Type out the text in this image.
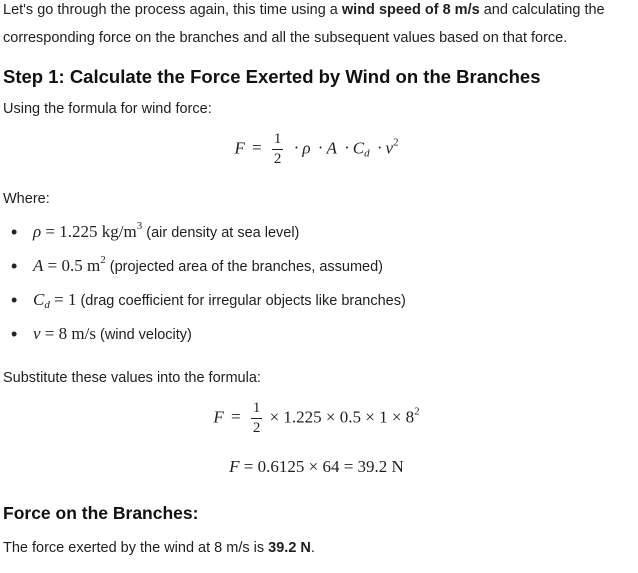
Let's go through the process again, this time using a wind speed of 8 m/s and calculating the corresponding force on the branches and all the subsequent values based on that force.

Step 1: Calculate the Force Exerted by Wind on the Branches

Using the formula for wind force:

$F = \frac{1}{2} \cdot \rho \cdot A \cdot C_d \cdot v^2$

Where:

• ρ = 1.225 $kg/m^3$ (air density at sea level)
• A = 0.5 $m^2$ (projected area of the branches, assumed)
• $C_d = 1$ (drag coefficient for irregular objects like branches)
• v = 8 m/s (wind velocity)

Substitute these values into the formula:

$F = \frac{1}{2} \times 1.225 \times 0.5 \times 1 \times 8^2$
F = 0.6125 × 64 = 39.2 N
Force on the Branches:

The force exerted by the wind at 8 m/s is 39.2 N.
